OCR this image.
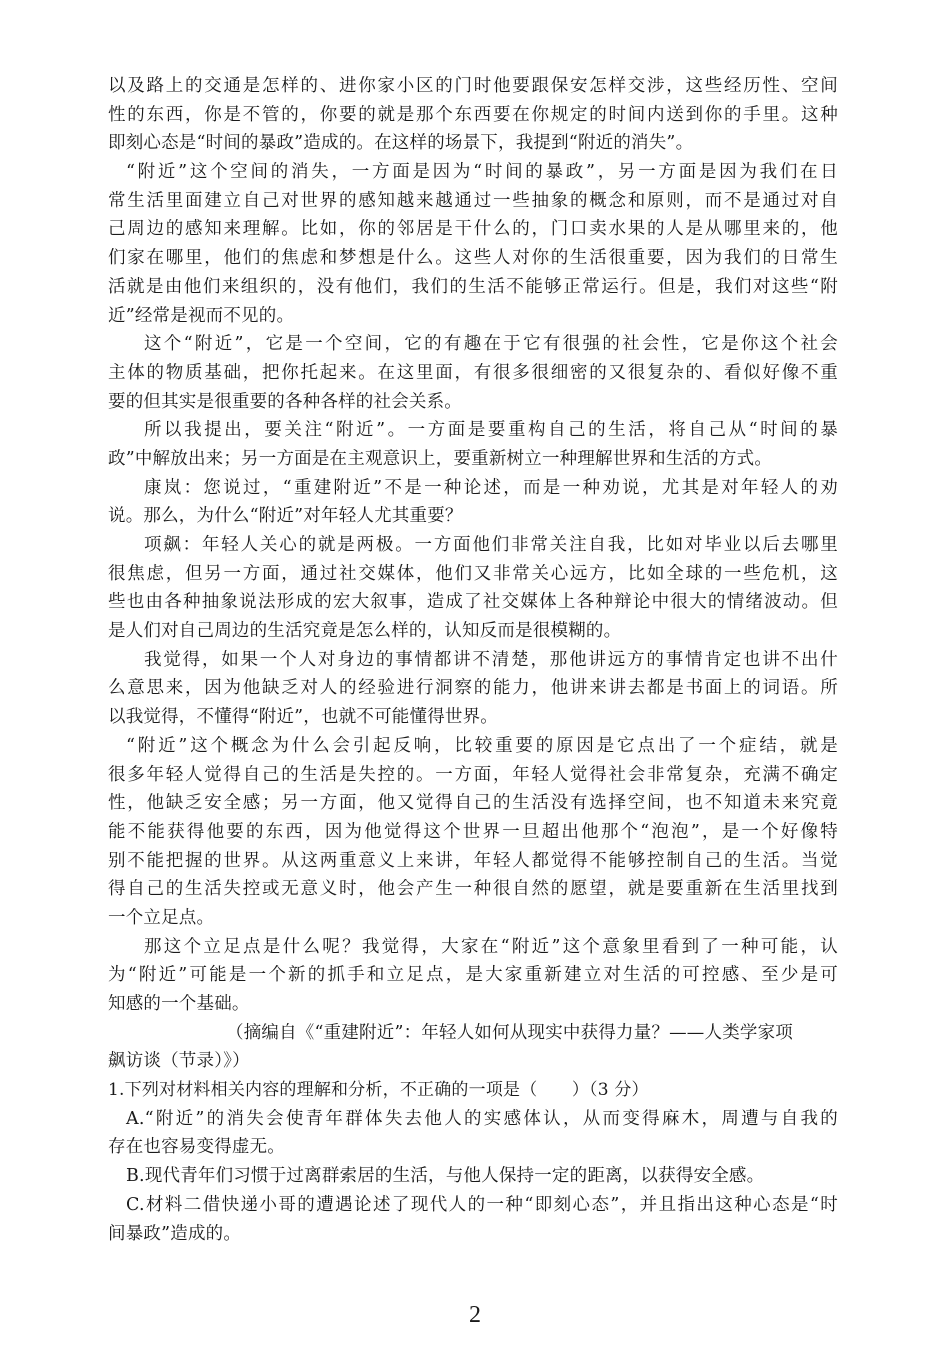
以及路上的交通是怎样的、进你家小区的门时他要跟保安怎样交涉，这些经历性、空间
性的东西，你是不管的，你要的就是那个东西要在你规定的时间内送到你的手里。这种
即刻心态是“时间的暴政”造成的。在这样的场景下，我提到“附近的消失”。
“附近”这个空间的消失，一方面是因为“时间的暴政”，另一方面是因为我们在日
常生活里面建立自己对世界的感知越来越通过一些抽象的概念和原则，而不是通过对自
己周边的感知来理解。比如，你的邻居是干什么的，门口卖水果的人是从哪里来的，他
们家在哪里，他们的焦虑和梦想是什么。这些人对你的生活很重要，因为我们的日常生
活就是由他们来组织的，没有他们，我们的生活不能够正常运行。但是，我们对这些“附
近”经常是视而不见的。
这个“附近”，它是一个空间，它的有趣在于它有很强的社会性，它是你这个社会
主体的物质基础，把你托起来。在这里面，有很多很细密的又很复杂的、看似好像不重
要的但其实是很重要的各种各样的社会关系。
所以我提出，要关注“附近”。一方面是要重构自己的生活，将自己从“时间的暴
政”中解放出来；另一方面是在主观意识上，要重新树立一种理解世界和生活的方式。
康岚：您说过，“重建附近”不是一种论述，而是一种劝说，尤其是对年轻人的劝
说。那么，为什么“附近”对年轻人尤其重要？
项飙：年轻人关心的就是两极。一方面他们非常关注自我，比如对毕业以后去哪里
很焦虑，但另一方面，通过社交媒体，他们又非常关心远方，比如全球的一些危机，这
些也由各种抽象说法形成的宏大叙事，造成了社交媒体上各种辩论中很大的情绪波动。但
是人们对自己周边的生活究竟是怎么样的，认知反而是很模糊的。
我觉得，如果一个人对身边的事情都讲不清楚，那他讲远方的事情肯定也讲不出什
么意思来，因为他缺乏对人的经验进行洞察的能力，他讲来讲去都是书面上的词语。所
以我觉得，不懂得“附近”，也就不可能懂得世界。
“附近”这个概念为什么会引起反响，比较重要的原因是它点出了一个症结，就是
很多年轻人觉得自己的生活是失控的。一方面，年轻人觉得社会非常复杂，充满不确定
性，他缺乏安全感；另一方面，他又觉得自己的生活没有选择空间，也不知道未来究竟
能不能获得他要的东西，因为他觉得这个世界一旦超出他那个“泡泡”，是一个好像特
别不能把握的世界。从这两重意义上来讲，年轻人都觉得不能够控制自己的生活。当觉
得自己的生活失控或无意义时，他会产生一种很自然的愿望，就是要重新在生活里找到
一个立足点。
那这个立足点是什么呢？我觉得，大家在“附近”这个意象里看到了一种可能，认
为“附近”可能是一个新的抓手和立足点，是大家重新建立对生活的可控感、至少是可
知感的一个基础。
（摘编自《“重建附近”：年轻人如何从现实中获得力量？——人类学家项
飙访谈（节录）》）
1.下列对材料相关内容的理解和分析，不正确的一项是（　　）（3 分）
A.“附近”的消失会使青年群体失去他人的实感体认，从而变得麻木，周遭与自我的
存在也容易变得虚无。
B.现代青年们习惯于过离群索居的生活，与他人保持一定的距离，以获得安全感。
C.材料二借快递小哥的遭遇论述了现代人的一种“即刻心态”，并且指出这种心态是“时
间暴政”造成的。
2
